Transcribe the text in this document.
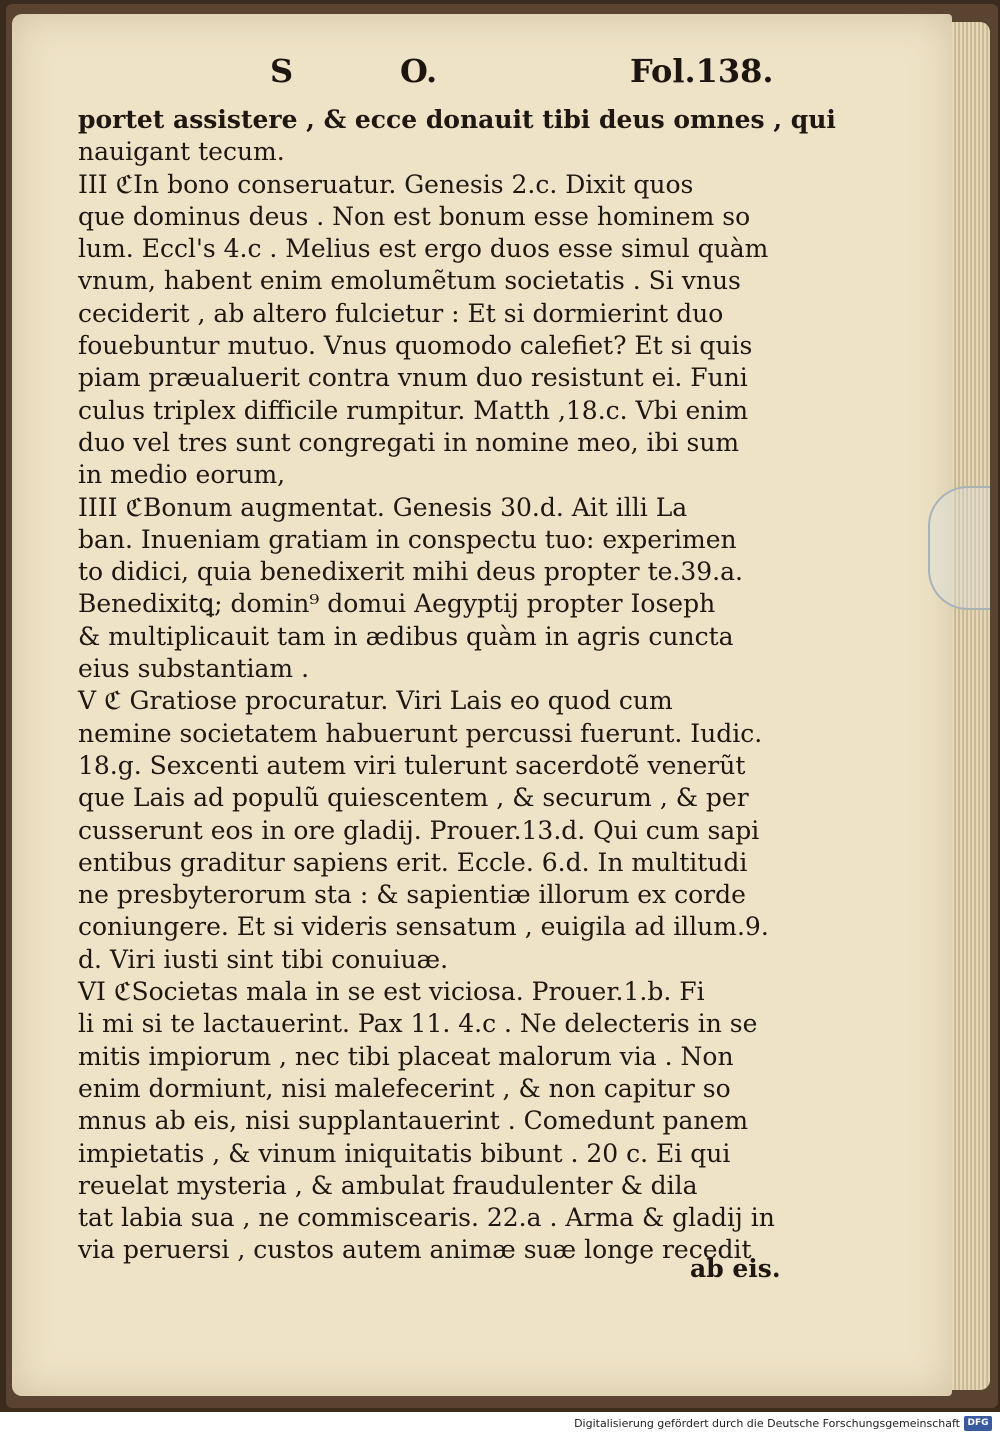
S	O.	Fol.138.
portet assistere , & ecce donauit tibi deus omnes , qui
nauigant tecum.
III ℭIn bono conseruatur. Genesis 2.c. Dixit quos
que dominus deus . Non est bonum esse hominem so
lum. Eccl's 4.c . Melius est ergo duos esse simul quàm
vnum, habent enim emolumẽtum societatis . Si vnus
ceciderit , ab altero fulcietur : Et si dormierint duo
fouebuntur mutuo. Vnus quomodo calefiet? Et si quis
piam præualuerit contra vnum duo resistunt ei. Funi
culus triplex difficile rumpitur. Matth ,18.c. Vbi enim
duo vel tres sunt congregati in nomine meo, ibi sum
in medio eorum,
IIII ℭBonum augmentat. Genesis 30.d. Ait illi La
ban. Inueniam gratiam in conspectu tuo: experimen
to didici, quia benedixerit mihi deus propter te.39.a.
Benedixitꝗ; domin⁹ domui Aegyptij propter Ioseph
& multiplicauit tam in ædibus quàm in agris cuncta
eius substantiam .
V ℭ Gratiose procuratur. Viri Lais eo quod cum
nemine societatem habuerunt percussi fuerunt. Iudic.
18.g. Sexcenti autem viri tulerunt sacerdotẽ venerũt
que Lais ad populũ quiescentem , & securum , & per
cusserunt eos in ore gladij. Prouer.13.d. Qui cum sapi
entibus graditur sapiens erit. Eccle. 6.d. In multitudi
ne presbyterorum sta : & sapientiæ illorum ex corde
coniungere. Et si videris sensatum , euigila ad illum.9.
d. Viri iusti sint tibi conuiuæ.
VI ℭSocietas mala in se est viciosa. Prouer.1.b. Fi
li mi si te lactauerint. Pax 11. 4.c . Ne delecteris in se
mitis impiorum , nec tibi placeat malorum via . Non
enim dormiunt, nisi malefecerint , & non capitur so
mnus ab eis, nisi supplantauerint . Comedunt panem
impietatis , & vinum iniquitatis bibunt . 20 c. Ei qui
reuelat mysteria , & ambulat fraudulenter & dila
tat labia sua , ne commiscearis. 22.a . Arma & gladij in
via peruersi , custos autem animæ suæ longe recedit
ab eis.
Digitalisierung gefördert durch die Deutsche Forschungsgemeinschaft DFG
